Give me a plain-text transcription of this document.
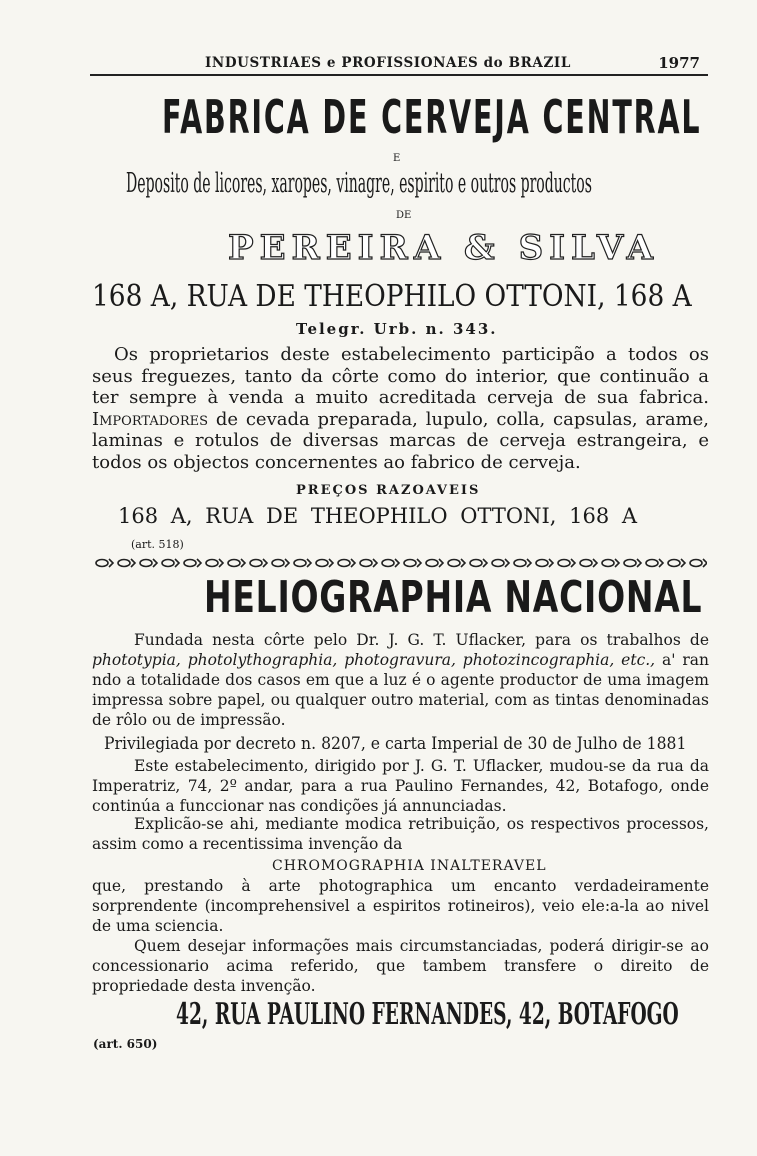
INDUSTRIAES e PROFISSIONAES do BRAZIL	1977
FABRICA DE CERVEJA CENTRAL
E
Deposito de licores, xaropes, vinagre, espirito e outros productos
DE
PEREIRA & SILVA
168 A, RUA DE THEOPHILO OTTONI, 168 A
Telegr. Urb. n. 343.
Os proprietarios deste estabelecimento participão a todos os seus freguezes, tanto da côrte como do interior, que continuão a ter sempre à venda a muito acreditada cerveja de sua fabrica. Importadores de cevada preparada, lupulo, colla, capsulas, arame, laminas e rotulos de diversas marcas de cerveja estrangeira, e todos os objectos concernentes ao fabrico de cerveja.
PREÇOS RAZOAVEIS
168 A, RUA DE THEOPHILO OTTONI, 168 A
(art. 518)
HELIOGRAPHIA NACIONAL
Fundada nesta côrte pelo Dr. J. G. T. Uflacker, para os trabalhos de phototypia, photolythographia, photogravura, photozincographia, etc., a' ran ndo a totalidade dos casos em que a luz é o agente productor de uma imagem impressa sobre papel, ou qualquer outro material, com as tintas denominadas de rôlo ou de impressão.
Privilegiada por decreto n. 8207, e carta Imperial de 30 de Julho de 1881
Este estabelecimento, dirigido por J. G. T. Uflacker, mudou-se da rua da Imperatriz, 74, 2º andar, para a rua Paulino Fernandes, 42, Botafogo, onde continúa a funccionar nas condições já annunciadas.
Explicão-se ahi, mediante modica retribuição, os respectivos processos, assim como a recentissima invenção da
CHROMOGRAPHIA INALTERAVEL
que, prestando à arte photographica um encanto verdadeiramente sorprendente (incomprehensivel a espiritos rotineiros), veio ele:a-la ao nivel de uma sciencia.
Quem desejar informações mais circumstanciadas, poderá dirigir-se ao concessionario acima referido, que tambem transfere o direito de propriedade desta invenção.
42, RUA PAULINO FERNANDES, 42, BOTAFOGO
(art. 650)
